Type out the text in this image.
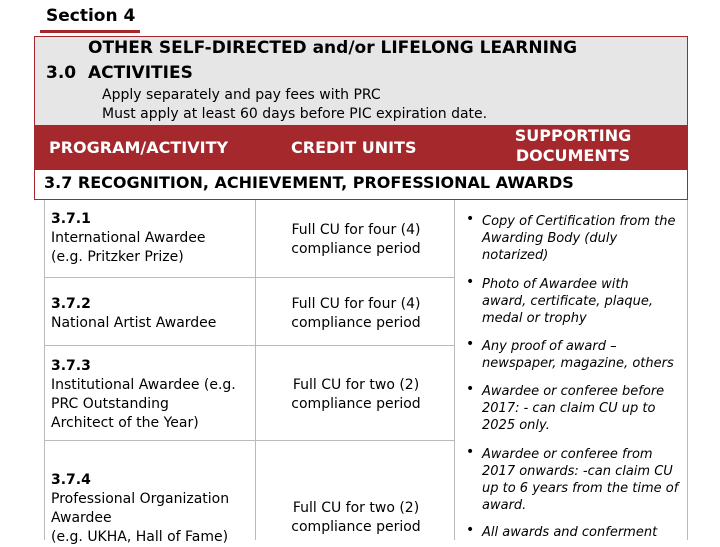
Section 4
3.0
OTHER SELF-DIRECTED and/or LIFELONG LEARNING
ACTIVITIES
Apply separately and pay fees with PRC
Must apply at least 60 days before PIC expiration date.
PROGRAM/ACTIVITY	CREDIT UNITS
SUPPORTING
DOCUMENTS
3.7 RECOGNITION, ACHIEVEMENT, PROFESSIONAL AWARDS
3.7.1
International Awardee
(e.g. Pritzker Prize)
Full CU for four (4)
compliance period
3.7.2
National Artist Awardee
Full CU for four (4)
compliance period
3.7.3
Institutional Awardee (e.g.
PRC Outstanding
Architect of the Year)
Full CU for two (2)
compliance period
3.7.4
Professional Organization
Awardee
(e.g. UKHA, Hall of Fame)
Full CU for two (2)
compliance period
• Copy of Certification from the
Awarding Body (duly
notarized)
• Photo of Awardee with
award, certificate, plaque,
medal or trophy
• Any proof of award –
newspaper, magazine, others
• Awardee or conferee before
2017: - can claim CU up to
2025 only.
• Awardee or conferee from
2017 onwards: -can claim CU
up to 6 years from the time of
award.
• All awards and conferment
